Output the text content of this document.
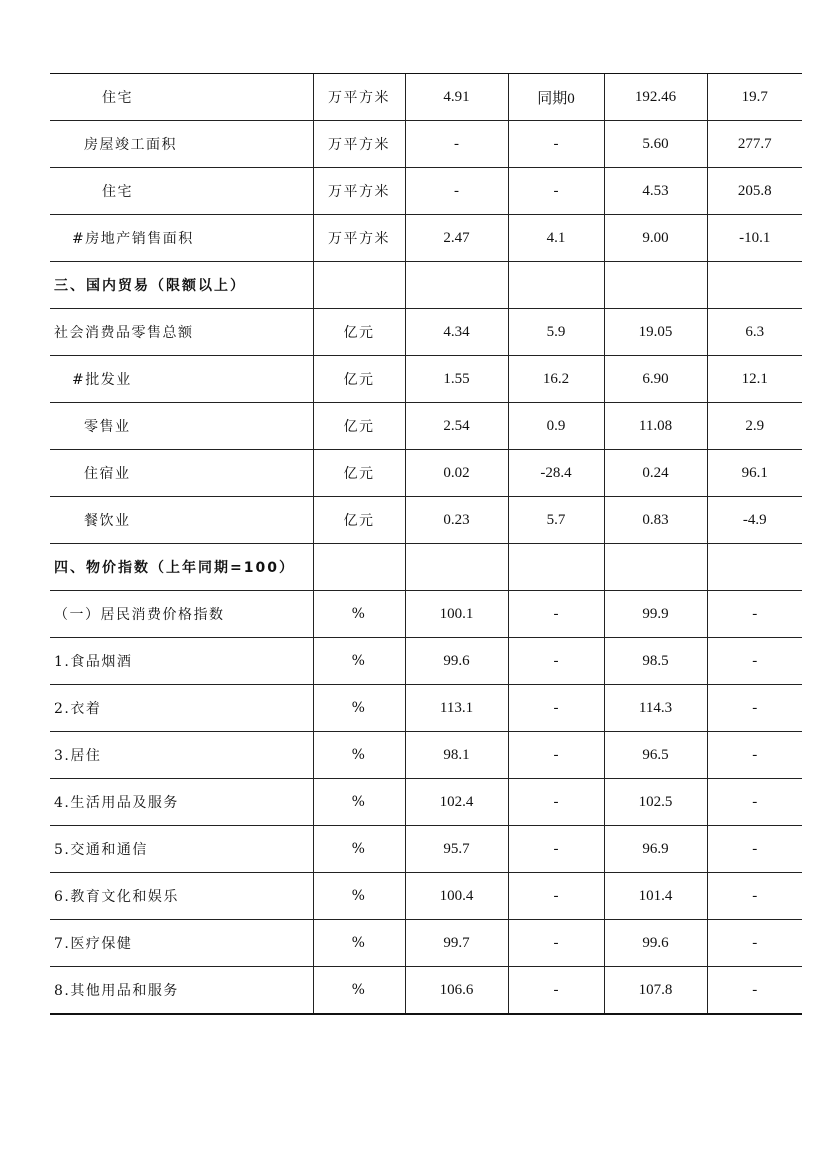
住宅	万平方米	4.91	同期0	192.46	19.7
房屋竣工面积	万平方米	-	-	5.60	277.7
住宅	万平方米	-	-	4.53	205.8
#房地产销售面积	万平方米	2.47	4.1	9.00	-10.1
三、国内贸易（限额以上）					
社会消费品零售总额	亿元	4.34	5.9	19.05	6.3
#批发业	亿元	1.55	16.2	6.90	12.1
零售业	亿元	2.54	0.9	11.08	2.9
住宿业	亿元	0.02	-28.4	0.24	96.1
餐饮业	亿元	0.23	5.7	0.83	-4.9
四、物价指数（上年同期=100）					
（一）居民消费价格指数	%	100.1	-	99.9	-
1.食品烟酒	%	99.6	-	98.5	-
2.衣着	%	113.1	-	114.3	-
3.居住	%	98.1	-	96.5	-
4.生活用品及服务	%	102.4	-	102.5	-
5.交通和通信	%	95.7	-	96.9	-
6.教育文化和娱乐	%	100.4	-	101.4	-
7.医疗保健	%	99.7	-	99.6	-
8.其他用品和服务	%	106.6	-	107.8	-
